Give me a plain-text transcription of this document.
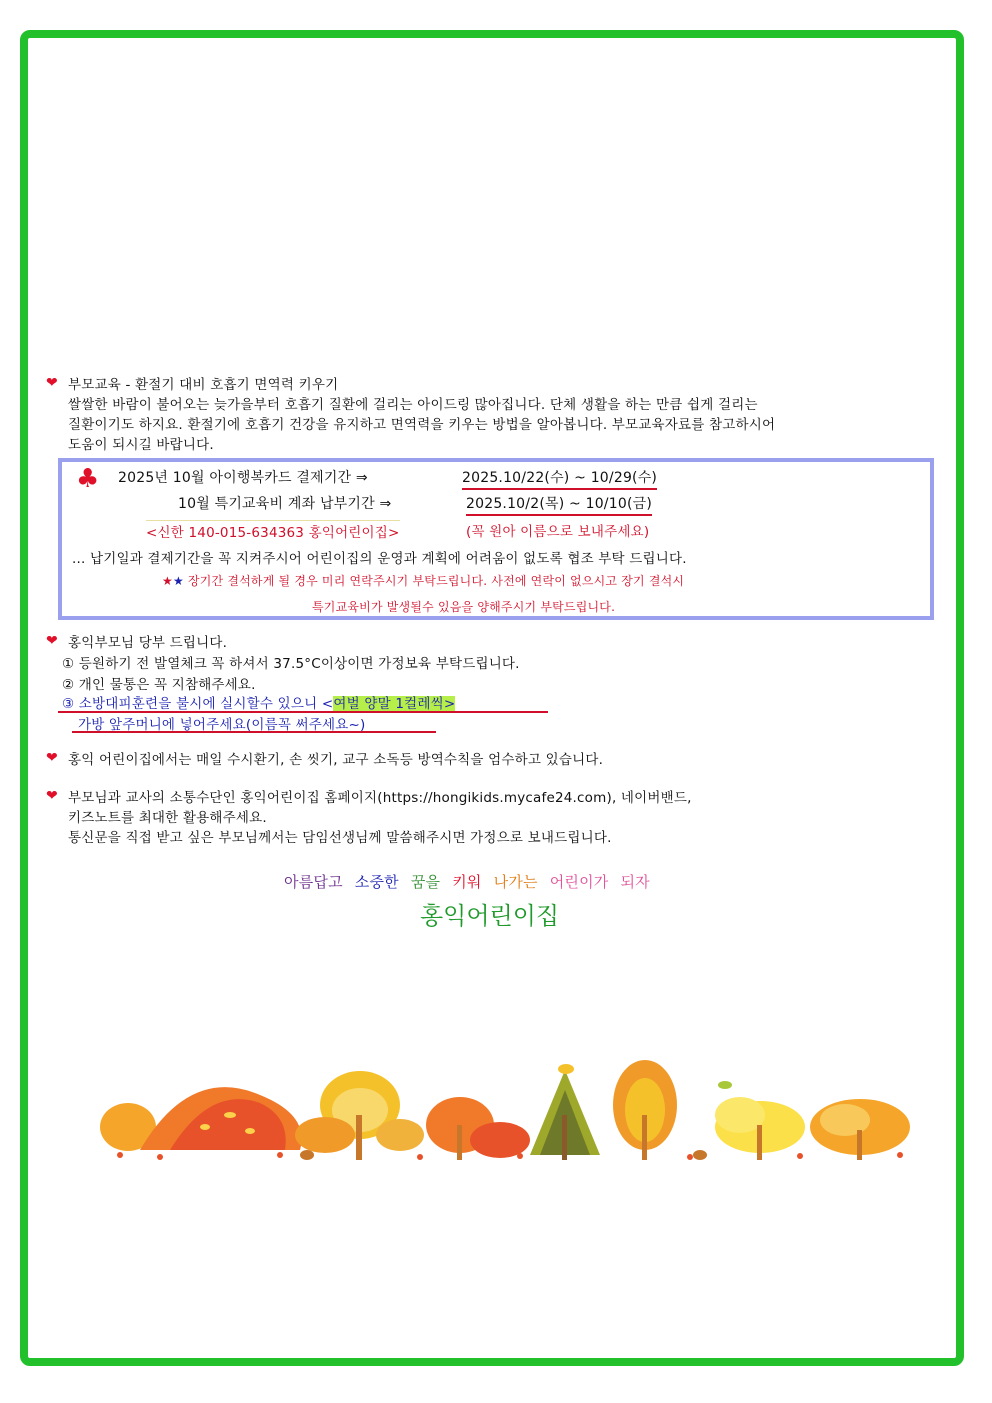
❤ 부모교육 - 환절기 대비 호흡기 면역력 키우기
쌀쌀한 바람이 불어오는 늦가을부터 호흡기 질환에 걸리는 아이드링 많아집니다. 단체 생활을 하는 만큼 쉽게 걸리는
질환이기도 하지요. 환절기에 호흡기 건강을 유지하고 면역력을 키우는 방법을 알아봅니다. 부모교육자료를 참고하시어
도움이 되시길 바랍니다.
♣ 2025년 10월 아이행복카드 결제기간 ⇒	2025.10/22(수) ~ 10/29(수)
10월 특기교육비 계좌 납부기간 ⇒	2025.10/2(목) ~ 10/10(금)
<신한 140-015-634363 홍익어린이집>	(꼭 원아 이름으로 보내주세요)
... 납기일과 결제기간을 꼭 지켜주시어 어린이집의 운영과 계획에 어려움이 없도록 협조 부탁 드립니다.
★★ 장기간 결석하게 될 경우 미리 연락주시기 부탁드립니다. 사전에 연락이 없으시고 장기 결석시
특기교육비가 발생될수 있음을 양해주시기 부탁드립니다.
❤ 홍익부모님 당부 드립니다.
① 등원하기 전 발열체크 꼭 하셔서 37.5°C이상이면 가정보육 부탁드립니다.
② 개인 물통은 꼭 지참해주세요.
③ 소방대피훈련을 불시에 실시할수 있으니 <여벌 양말 1컬레씩>
가방 앞주머니에 넣어주세요(이름꼭 써주세요~)
❤ 홍익 어린이집에서는 매일 수시환기, 손 씻기, 교구 소독등 방역수칙을 엄수하고 있습니다.
❤ 부모님과 교사의 소통수단인 홍익어린이집 홈페이지(https://hongikids.mycafe24.com), 네이버밴드,
키즈노트를 최대한 활용해주세요.
통신문을 직접 받고 싶은 부모님께서는 담임선생님께 말씀해주시면 가정으로 보내드립니다.
아름답고 소중한 꿈을 키워 나가는 어린이가 되자
홍익어린이집
